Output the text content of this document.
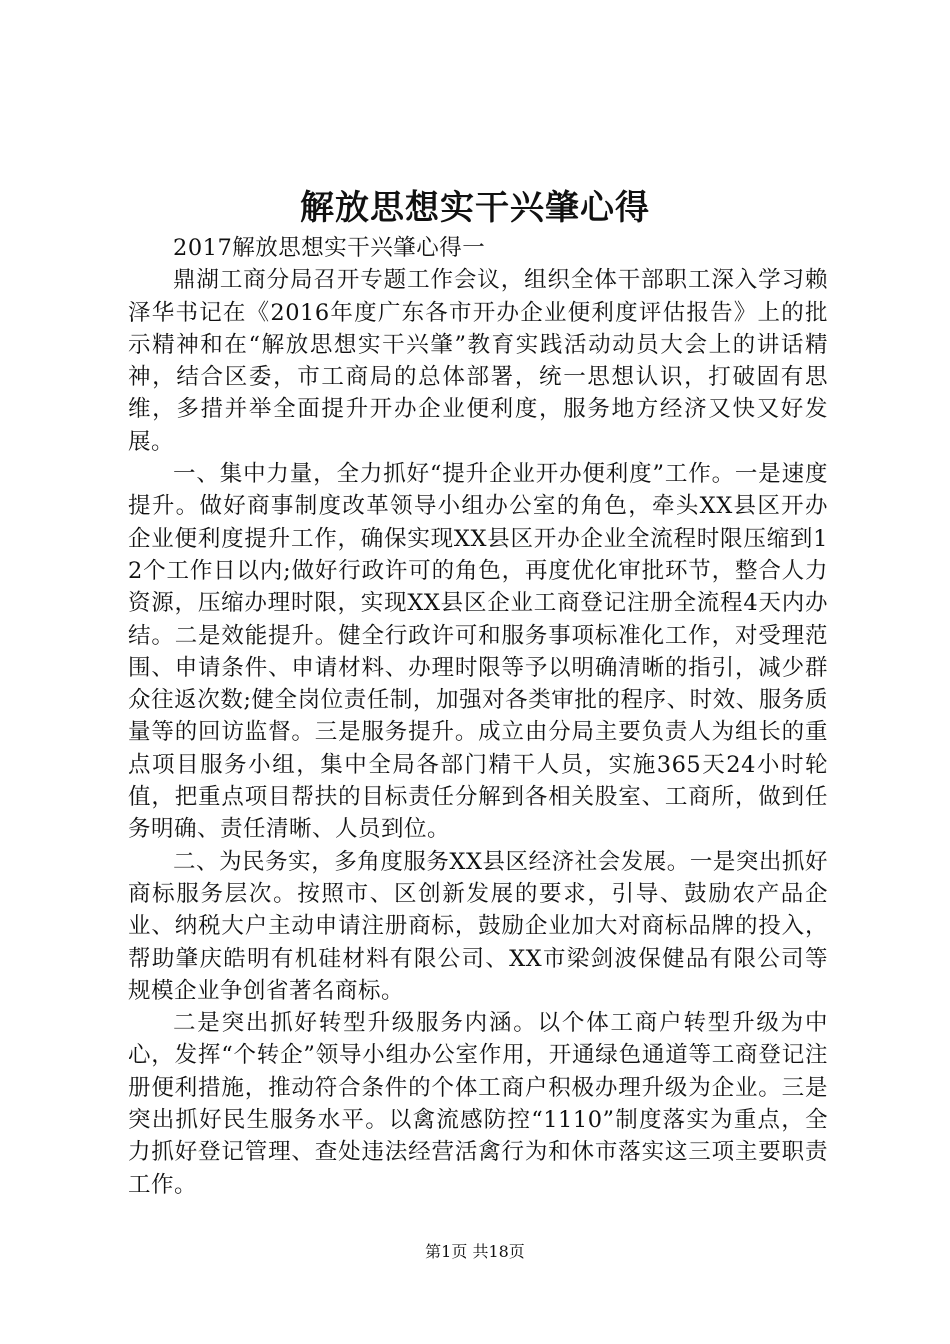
解放思想实干兴肇心得

2017解放思想实干兴肇心得一

鼎湖工商分局召开专题工作会议，组织全体干部职工深入学习赖泽华书记在《2016年度广东各市开办企业便利度评估报告》上的批示精神和在“解放思想实干兴肇”教育实践活动动员大会上的讲话精神，结合区委，市工商局的总体部署，统一思想认识，打破固有思维，多措并举全面提升开办企业便利度，服务地方经济又快又好发展。

一、集中力量，全力抓好“提升企业开办便利度”工作。一是速度提升。做好商事制度改革领导小组办公室的角色，牵头XX县区开办企业便利度提升工作，确保实现XX县区开办企业全流程时限压缩到12个工作日以内;做好行政许可的角色，再度优化审批环节，整合人力资源，压缩办理时限，实现XX县区企业工商登记注册全流程4天内办结。二是效能提升。健全行政许可和服务事项标准化工作，对受理范围、申请条件、申请材料、办理时限等予以明确清晰的指引，减少群众往返次数;健全岗位责任制，加强对各类审批的程序、时效、服务质量等的回访监督。三是服务提升。成立由分局主要负责人为组长的重点项目服务小组，集中全局各部门精干人员，实施365天24小时轮值，把重点项目帮扶的目标责任分解到各相关股室、工商所，做到任务明确、责任清晰、人员到位。

二、为民务实，多角度服务XX县区经济社会发展。一是突出抓好商标服务层次。按照市、区创新发展的要求，引导、鼓励农产品企业、纳税大户主动申请注册商标，鼓励企业加大对商标品牌的投入，帮助肇庆皓明有机硅材料有限公司、XX市梁剑波保健品有限公司等规模企业争创省著名商标。

二是突出抓好转型升级服务内涵。以个体工商户转型升级为中心，发挥“个转企”领导小组办公室作用，开通绿色通道等工商登记注册便利措施，推动符合条件的个体工商户积极办理升级为企业。三是突出抓好民生服务水平。以禽流感防控“1110”制度落实为重点，全力抓好登记管理、查处违法经营活禽行为和休市落实这三项主要职责工作。

第1页 共18页
